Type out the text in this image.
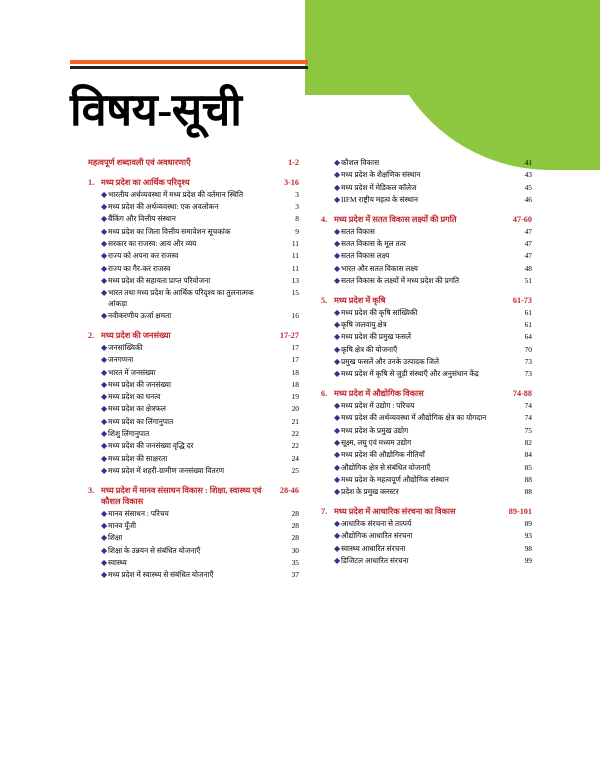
विषय-सूची
महत्वपूर्ण शब्दावली एवं अवधारणाएँ	1-2
1. मध्य प्रदेश का आर्थिक परिदृश्य	3-16
◆ भारतीय अर्थव्यवस्था में मध्य प्रदेश की वर्तमान स्थिति	3
◆ मध्य प्रदेश की अर्थव्यवस्था: एक अवलोकन	3
◆ बैंकिंग और वित्तीय संस्थान	8
◆ मध्य प्रदेश का जिला वित्तीय समावेशन सूचकांक	9
◆ सरकार का राजस्व: आय और व्यय	11
◆ राज्य को अपना कर राजस्व	11
◆ राज्य का गैर-कर राजस्व	11
◆ मध्य प्रदेश की सहायता प्राप्त परियोजना	13
◆ भारत तथा मध्य प्रदेश के आर्थिक परिदृश्य का तुलनात्मक आंकड़ा
15
◆ नवीकरणीय ऊर्जा क्षमता	16
2. मध्य प्रदेश की जनसंख्या	17-27
◆ जनसांख्यिकी	17
◆ जनगणना	17
◆ भारत में जनसंख्या	18
◆ मध्य प्रदेश की जनसंख्या	18
◆ मध्य प्रदेश का घनत्व	19
◆ मध्य प्रदेश का क्षेत्रफल	20
◆ मध्य प्रदेश का लिंगानुपात	21
◆ शिशु लिंगानुपात	22
◆ मध्य प्रदेश की जनसंख्या वृद्धि दर	22
◆ मध्य प्रदेश की साक्षरता	24
◆ मध्य प्रदेश में शहरी-ग्रामीण जनसंख्या वितरण	25
3. मध्य प्रदेश में मानव संसाधन विकास : शिक्षा, स्वास्थ्य एवं कौशल विकास
28-46
◆ मानव संसाधन : परिचय	28
◆ मानव पूँजी	28
◆ शिक्षा	28
◆ शिक्षा के उन्नयन से संबंधित योजनाएँ	30
◆ स्वास्थ्य	35
◆ मध्य प्रदेश में स्वास्थ्य से संबंधित योजनाएँ	37
◆ कौशल विकास	41
◆ मध्य प्रदेश के शैक्षणिक संस्थान	43
◆ मध्य प्रदेश में मेडिकल कॉलेज	45
◆ IIFM राष्ट्रीय महत्व के संस्थान	46
4. मध्य प्रदेश में सतत विकास लक्ष्यों की प्रगति	47-60
◆ सतत विकास	47
◆ सतत विकास के मूल तत्व	47
◆ सतत विकास लक्ष्य	47
◆ भारत और सतत विकास लक्ष्य	48
◆ सतत विकास के लक्ष्यों में मध्य प्रदेश की प्रगति	51
5. मध्य प्रदेश में कृषि	61-73
◆ मध्य प्रदेश की कृषि सांख्यिकी	61
◆ कृषि जलवायु क्षेत्र	61
◆ मध्य प्रदेश की प्रमुख फसलें	64
◆ कृषि क्षेत्र की योजनाएँ	70
◆ प्रमुख फसलें और उनके उत्पादक जिले	73
◆ मध्य प्रदेश में कृषि से जुड़ी संस्थाएँ और अनुसंधान केंद्र	73
6. मध्य प्रदेश में औद्योगिक विकास	74-88
◆ मध्य प्रदेश में उद्योग : परिचय	74
◆ मध्य प्रदेश की अर्थव्यवस्था में औद्योगिक क्षेत्र का योगदान	74
◆ मध्य प्रदेश के प्रमुख उद्योग	75
◆ सूक्ष्म, लघु एवं मध्यम उद्योग	82
◆ मध्य प्रदेश की औद्योगिक नीतियाँ	84
◆ औद्योगिक क्षेत्र से संबंधित योजनाएँ	85
◆ मध्य प्रदेश के महत्वपूर्ण औद्योगिक संस्थान	88
◆ प्रदेश के प्रमुख क्लस्टर	88
7. मध्य प्रदेश में आधारिक संरचना का विकास	89-101
◆ आधारिक संरचना से तात्पर्य	89
◆ औद्योगिक आधारित संरचना	93
◆ स्वास्थ्य आधारित संरचना	98
◆ डिजिटल आधारित संरचना	99
